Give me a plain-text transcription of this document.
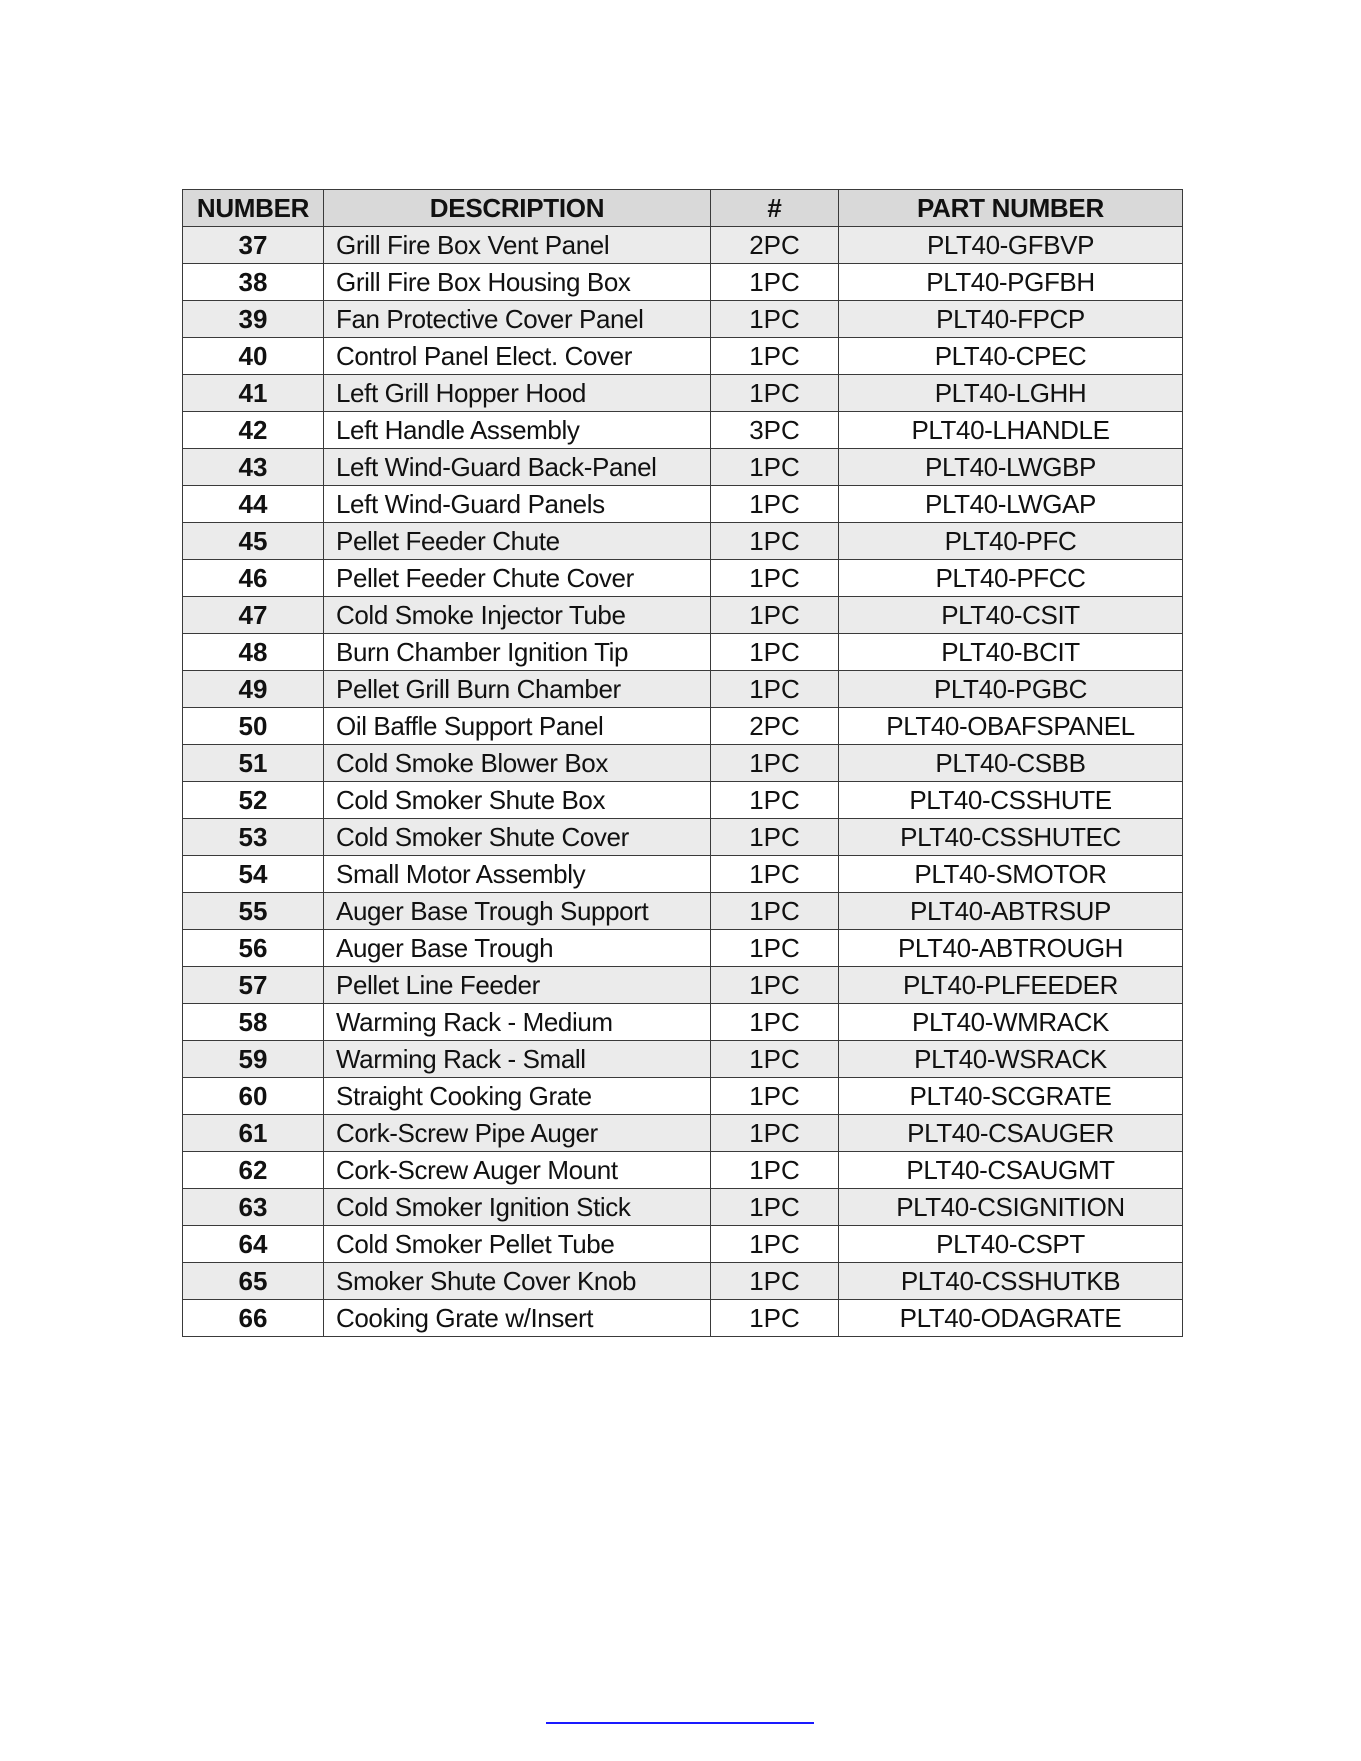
NUMBER	DESCRIPTION	#	PART NUMBER
37	Grill Fire Box Vent Panel	2PC	PLT40-GFBVP
38	Grill Fire Box Housing Box	1PC	PLT40-PGFBH
39	Fan Protective Cover Panel	1PC	PLT40-FPCP
40	Control Panel Elect. Cover	1PC	PLT40-CPEC
41	Left Grill Hopper Hood	1PC	PLT40-LGHH
42	Left Handle Assembly	3PC	PLT40-LHANDLE
43	Left Wind-Guard Back-Panel	1PC	PLT40-LWGBP
44	Left Wind-Guard Panels	1PC	PLT40-LWGAP
45	Pellet Feeder Chute	1PC	PLT40-PFC
46	Pellet Feeder Chute Cover	1PC	PLT40-PFCC
47	Cold Smoke Injector Tube	1PC	PLT40-CSIT
48	Burn Chamber Ignition Tip	1PC	PLT40-BCIT
49	Pellet Grill Burn Chamber	1PC	PLT40-PGBC
50	Oil Baffle Support Panel	2PC	PLT40-OBAFSPANEL
51	Cold Smoke Blower Box	1PC	PLT40-CSBB
52	Cold Smoker Shute Box	1PC	PLT40-CSSHUTE
53	Cold Smoker Shute Cover	1PC	PLT40-CSSHUTEC
54	Small Motor Assembly	1PC	PLT40-SMOTOR
55	Auger Base Trough Support	1PC	PLT40-ABTRSUP
56	Auger Base Trough	1PC	PLT40-ABTROUGH
57	Pellet Line Feeder	1PC	PLT40-PLFEEDER
58	Warming Rack - Medium	1PC	PLT40-WMRACK
59	Warming Rack - Small	1PC	PLT40-WSRACK
60	Straight Cooking Grate	1PC	PLT40-SCGRATE
61	Cork-Screw Pipe Auger	1PC	PLT40-CSAUGER
62	Cork-Screw Auger Mount	1PC	PLT40-CSAUGMT
63	Cold Smoker Ignition Stick	1PC	PLT40-CSIGNITION
64	Cold Smoker Pellet Tube	1PC	PLT40-CSPT
65	Smoker Shute Cover Knob	1PC	PLT40-CSSHUTKB
66	Cooking Grate w/Insert	1PC	PLT40-ODAGRATE
